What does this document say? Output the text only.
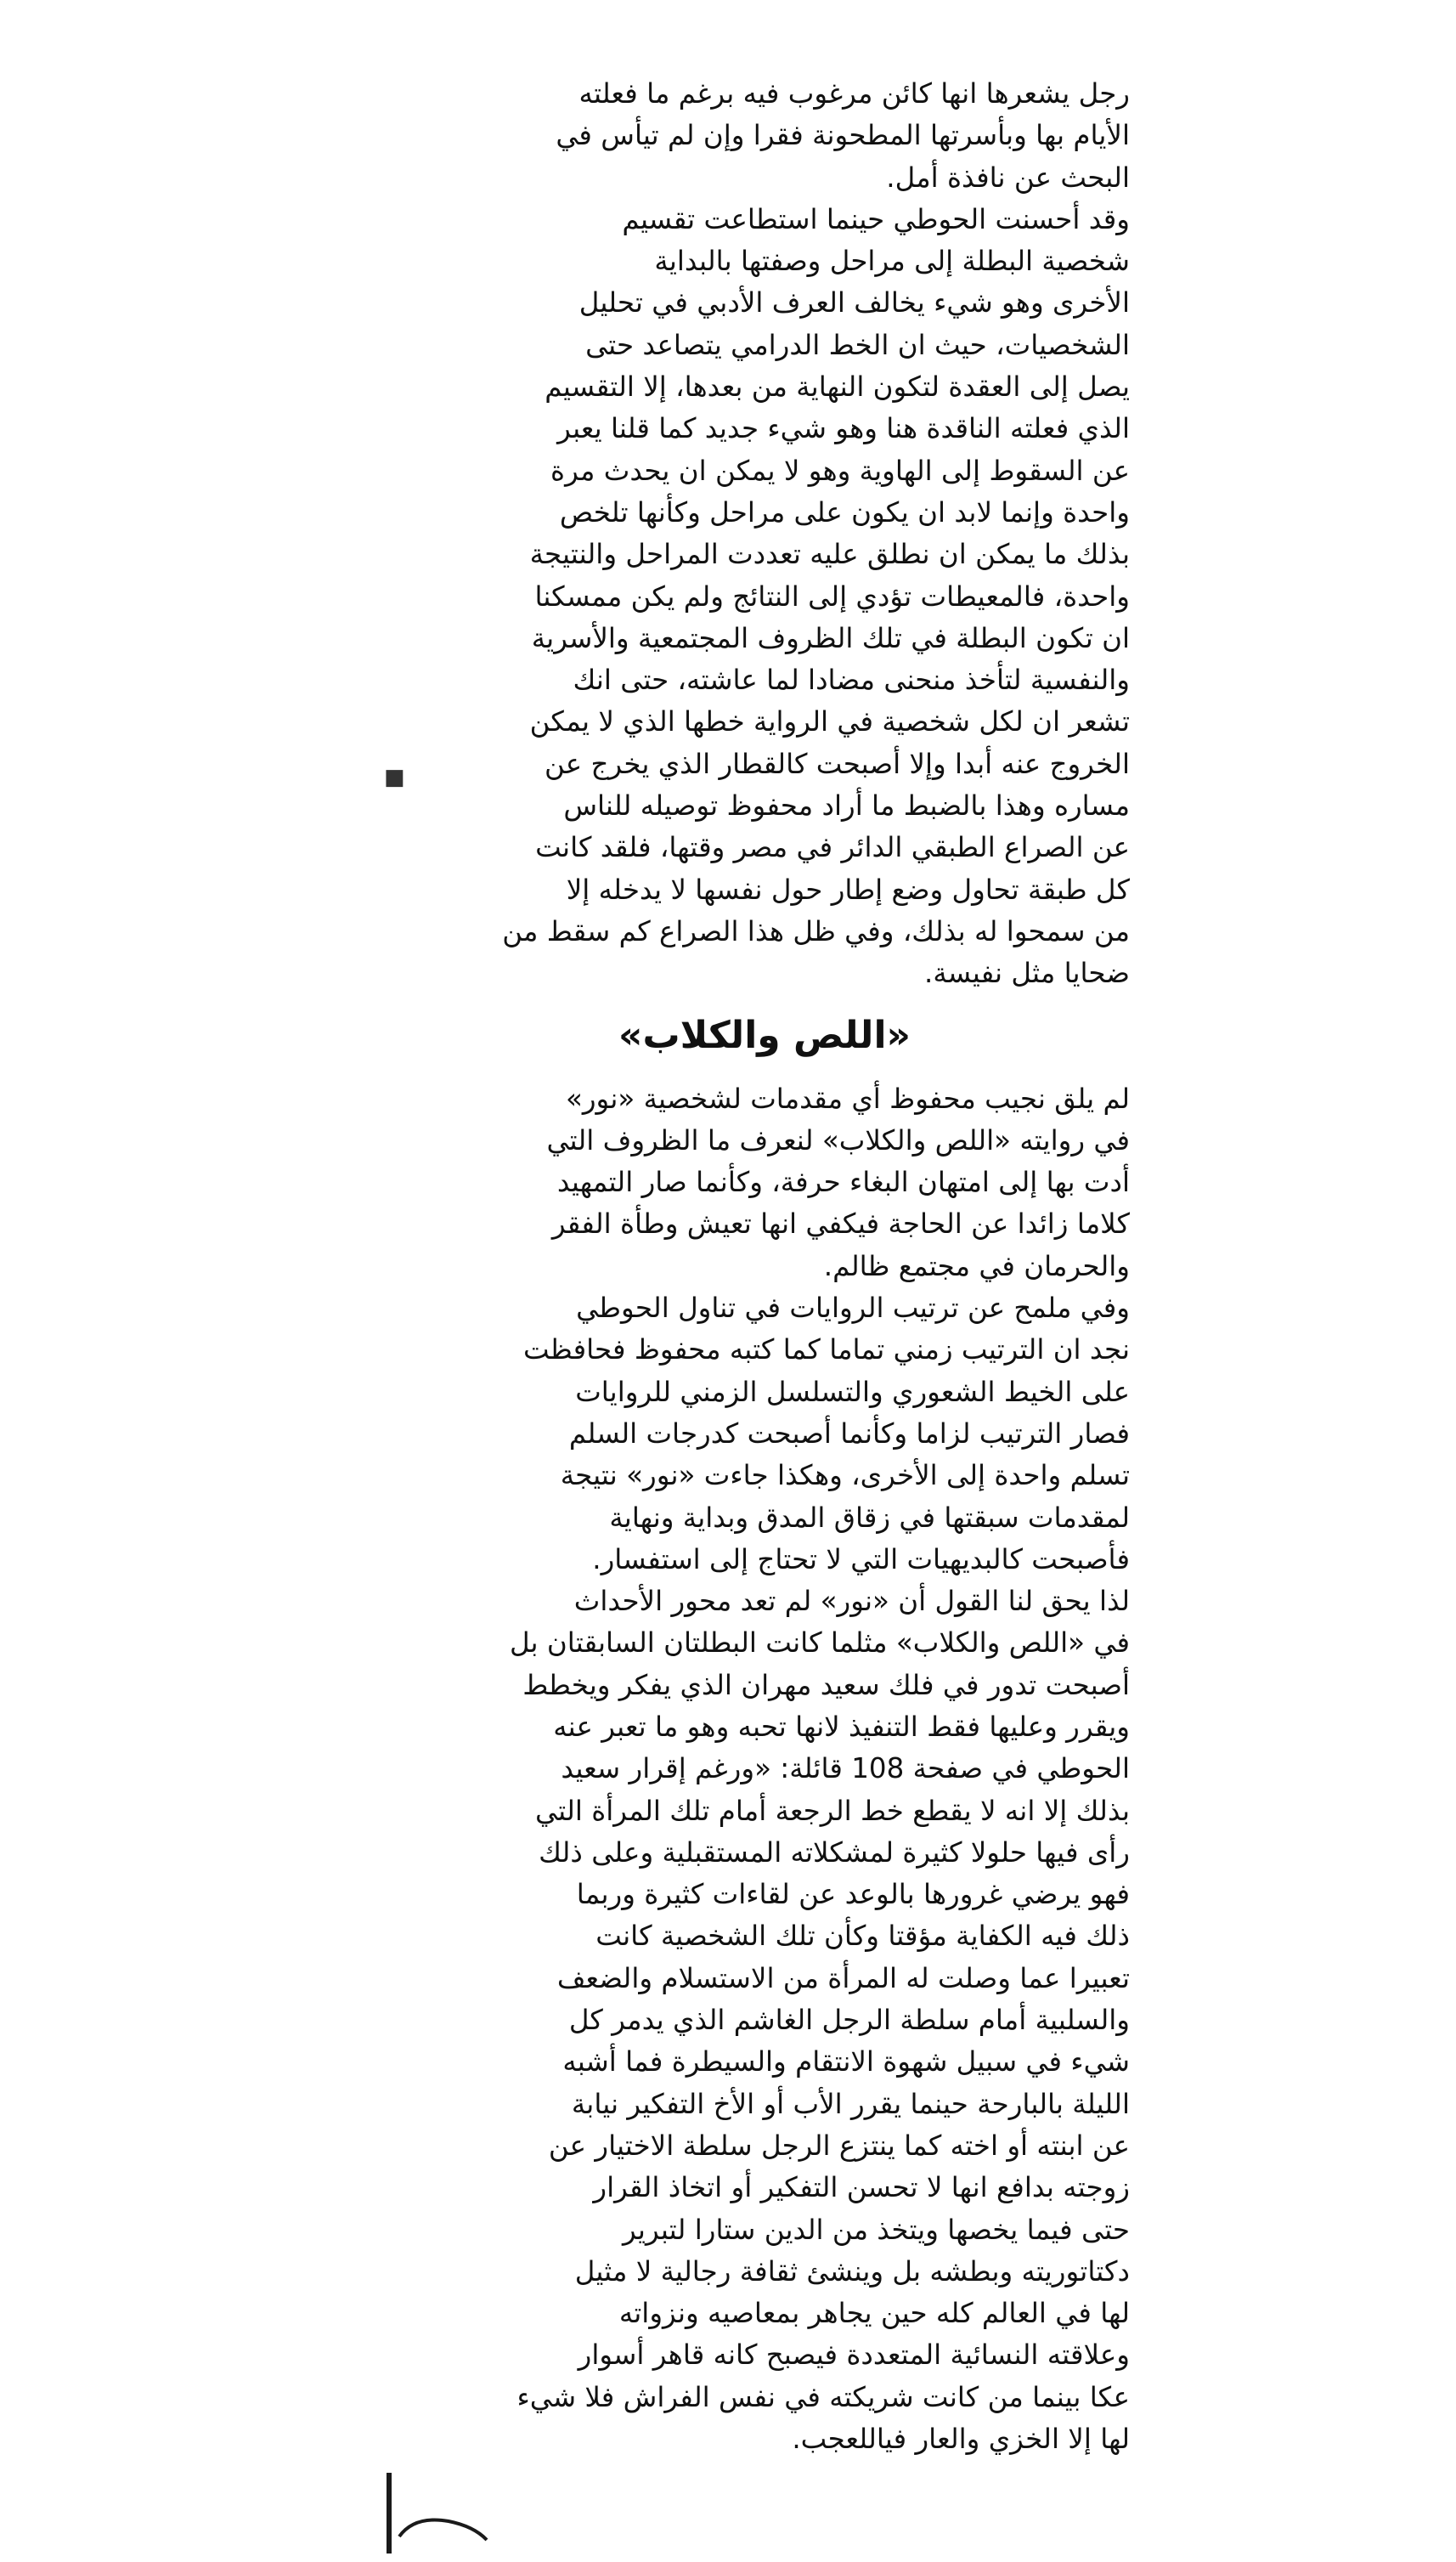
رجل يشعرها انها كائن مرغوب فيه برغم ما فعلته

الأيام بها وبأسرتها المطحونة فقرا وإن لم تيأس في

البحث عن نافذة أمل.

وقد أحسنت الحوطي حينما استطاعت تقسيم

شخصية البطلة إلى مراحل وصفتها بالبداية

الأخرى وهو شيء يخالف العرف الأدبي في تحليل

الشخصيات، حيث ان الخط الدرامي يتصاعد حتى

يصل إلى العقدة لتكون النهاية من بعدها، إلا التقسيم

الذي فعلته الناقدة هنا وهو شيء جديد كما قلنا يعبر

عن السقوط إلى الهاوية وهو لا يمكن ان يحدث مرة

واحدة وإنما لابد ان يكون على مراحل وكأنها تلخص

بذلك ما يمكن ان نطلق عليه تعددت المراحل والنتيجة

واحدة، فالمعيطات تؤدي إلى النتائج ولم يكن ممسكنا

ان تكون البطلة في تلك الظروف المجتمعية والأسرية

والنفسية لتأخذ منحنى مضادا لما عاشته، حتى انك

تشعر ان لكل شخصية في الرواية خطها الذي لا يمكن

الخروج عنه أبدا وإلا أصبحت كالقطار الذي يخرج عن

مساره وهذا بالضبط ما أراد محفوظ توصيله للناس

عن الصراع الطبقي الدائر في مصر وقتها، فلقد كانت

كل طبقة تحاول وضع إطار حول نفسها لا يدخله إلا

من سمحوا له بذلك، وفي ظل هذا الصراع كم سقط من

ضحايا مثل نفيسة.

«اللص والكلاب»

لم يلق نجيب محفوظ أي مقدمات لشخصية «نور»

في روايته «اللص والكلاب» لنعرف ما الظروف التي

أدت بها إلى امتهان البغاء حرفة، وكأنما صار التمهيد

كلاما زائدا عن الحاجة فيكفي انها تعيش وطأة الفقر

والحرمان في مجتمع ظالم.

وفي ملمح عن ترتيب الروايات في تناول الحوطي

نجد ان الترتيب زمني تماما كما كتبه محفوظ فحافظت

على الخيط الشعوري والتسلسل الزمني للروايات

فصار الترتيب لزاما وكأنما أصبحت كدرجات السلم

تسلم واحدة إلى الأخرى، وهكذا جاءت «نور» نتيجة

لمقدمات سبقتها في زقاق المدق وبداية ونهاية

فأصبحت كالبديهيات التي لا تحتاج إلى استفسار.

لذا يحق لنا القول أن «نور» لم تعد محور الأحداث

في «اللص والكلاب» مثلما كانت البطلتان السابقتان بل

أصبحت تدور في فلك سعيد مهران الذي يفكر ويخطط

ويقرر وعليها فقط التنفيذ لانها تحبه وهو ما تعبر عنه

الحوطي في صفحة 108 قائلة: «ورغم إقرار سعيد

بذلك إلا انه لا يقطع خط الرجعة أمام تلك المرأة التي

رأى فيها حلولا كثيرة لمشكلاته المستقبلية وعلى ذلك

فهو يرضي غرورها بالوعد عن لقاءات كثيرة وربما

ذلك فيه الكفاية مؤقتا وكأن تلك الشخصية كانت

تعبيرا عما وصلت له المرأة من الاستسلام والضعف

والسلبية أمام سلطة الرجل الغاشم الذي يدمر كل

شيء في سبيل شهوة الانتقام والسيطرة فما أشبه

الليلة بالبارحة حينما يقرر الأب أو الأخ التفكير نيابة

عن ابنته أو اخته كما ينتزع الرجل سلطة الاختيار عن

زوجته بدافع انها لا تحسن التفكير أو اتخاذ القرار

حتى فيما يخصها ويتخذ من الدين ستارا لتبرير

دكتاتوريته وبطشه بل وينشئ ثقافة رجالية لا مثيل

لها في العالم كله حين يجاهر بمعاصيه ونزواته

وعلاقته النسائية المتعددة فيصبح كانه قاهر أسوار

عكا بينما من كانت شريكته في نفس الفراش فلا شيء

لها إلا الخزي والعار فياللعجب.

■
